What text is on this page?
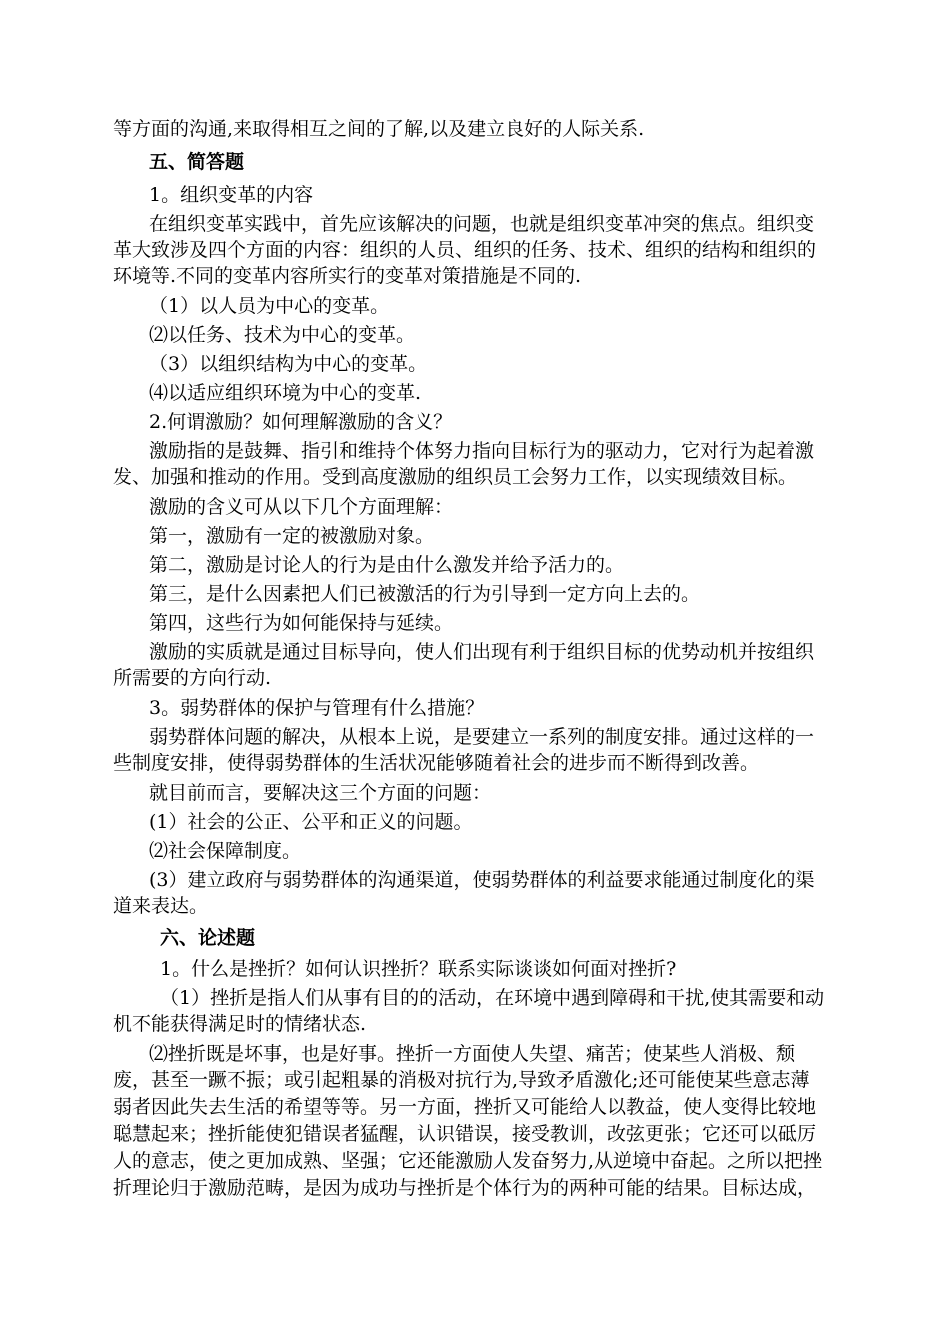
等方面的沟通,来取得相互之间的了解,以及建立良好的人际关系.
五、简答题
1。组织变革的内容
在组织变革实践中，首先应该解决的问题，也就是组织变革冲突的焦点。组织变
革大致涉及四个方面的内容：组织的人员、组织的任务、技术、组织的结构和组织的
环境等.不同的变革内容所实行的变革对策措施是不同的.
（1）以人员为中心的变革。
⑵以任务、技术为中心的变革。
（3）以组织结构为中心的变革。
⑷以适应组织环境为中心的变革.
2.何谓激励？如何理解激励的含义？
激励指的是鼓舞、指引和维持个体努力指向目标行为的驱动力，它对行为起着激
发、加强和推动的作用。受到高度激励的组织员工会努力工作，以实现绩效目标。
激励的含义可从以下几个方面理解：
第一，激励有一定的被激励对象。
第二，激励是讨论人的行为是由什么激发并给予活力的。
第三，是什么因素把人们已被激活的行为引导到一定方向上去的。
第四，这些行为如何能保持与延续。
激励的实质就是通过目标导向，使人们出现有利于组织目标的优势动机并按组织
所需要的方向行动.
3。弱势群体的保护与管理有什么措施？
弱势群体问题的解决，从根本上说，是要建立一系列的制度安排。通过这样的一
些制度安排，使得弱势群体的生活状况能够随着社会的进步而不断得到改善。
就目前而言，要解决这三个方面的问题：
(1）社会的公正、公平和正义的问题。
⑵社会保障制度。
(3）建立政府与弱势群体的沟通渠道，使弱势群体的利益要求能通过制度化的渠
道来表达。
六、论述题
1。什么是挫折？如何认识挫折？联系实际谈谈如何面对挫折?
（1）挫折是指人们从事有目的的活动，在环境中遇到障碍和干扰,使其需要和动
机不能获得满足时的情绪状态.
⑵挫折既是坏事，也是好事。挫折一方面使人失望、痛苦；使某些人消极、颓
废，甚至一蹶不振；或引起粗暴的消极对抗行为,导致矛盾激化;还可能使某些意志薄
弱者因此失去生活的希望等等。另一方面，挫折又可能给人以教益，使人变得比较地
聪慧起来；挫折能使犯错误者猛醒，认识错误，接受教训，改弦更张；它还可以砥厉
人的意志，使之更加成熟、坚强；它还能激励人发奋努力,从逆境中奋起。之所以把挫
折理论归于激励范畴，是因为成功与挫折是个体行为的两种可能的结果。目标达成，
